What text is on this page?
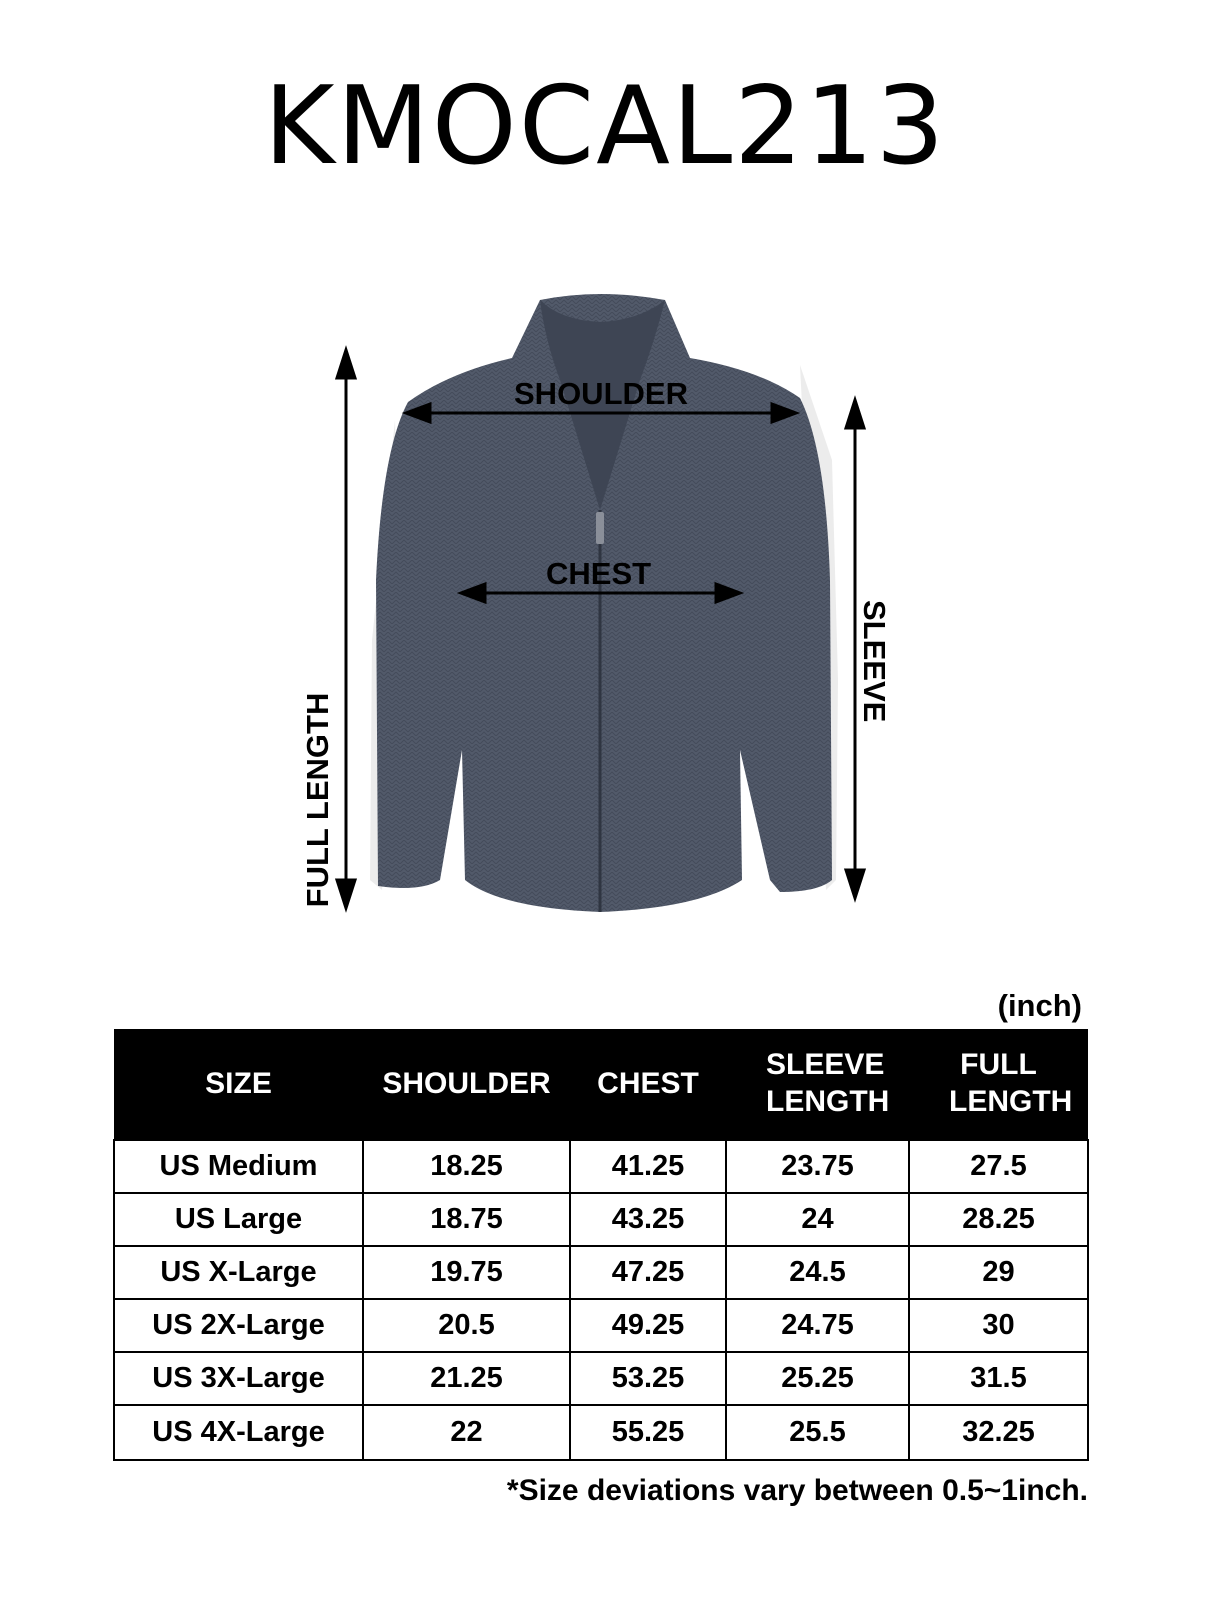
KMOCAL213
SHOULDER
CHEST
FULL LENGTH
SLEEVE
(inch)
SIZE	SHOULDER	CHEST	SLEEVE LENGTH	FULL LENGTH
US Medium	18.25	41.25	23.75	27.5
US Large	18.75	43.25	24	28.25
US X-Large	19.75	47.25	24.5	29
US 2X-Large	20.5	49.25	24.75	30
US 3X-Large	21.25	53.25	25.25	31.5
US 4X-Large	22	55.25	25.5	32.25
*Size deviations vary between 0.5~1inch.
